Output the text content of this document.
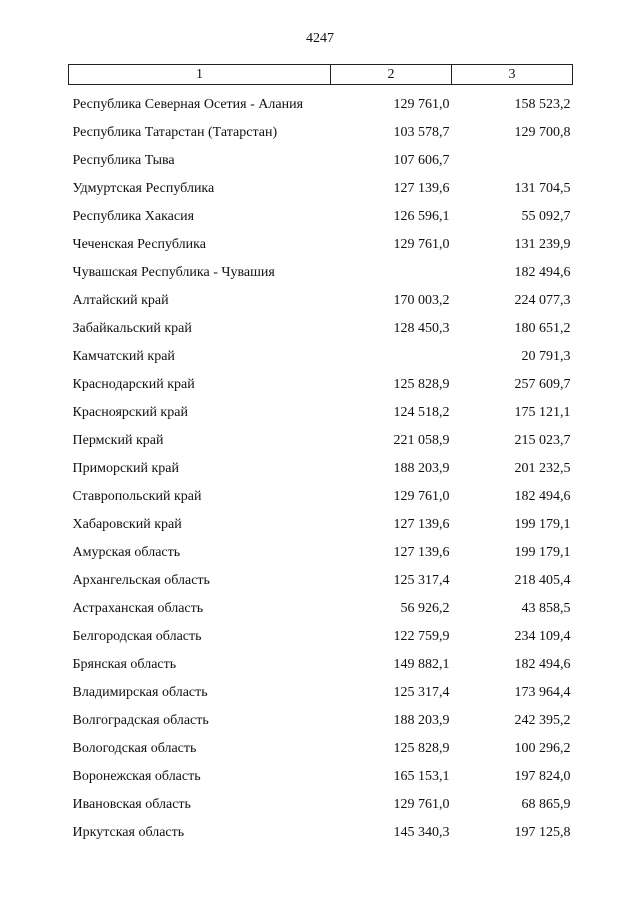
4247
1	2	3
Республика Северная Осетия - Алания	129 761,0	158 523,2
Республика Татарстан (Татарстан)	103 578,7	129 700,8
Республика Тыва	107 606,7	
Удмуртская Республика	127 139,6	131 704,5
Республика Хакасия	126 596,1	55 092,7
Чеченская Республика	129 761,0	131 239,9
Чувашская Республика - Чувашия		182 494,6
Алтайский край	170 003,2	224 077,3
Забайкальский край	128 450,3	180 651,2
Камчатский край		20 791,3
Краснодарский край	125 828,9	257 609,7
Красноярский край	124 518,2	175 121,1
Пермский край	221 058,9	215 023,7
Приморский край	188 203,9	201 232,5
Ставропольский край	129 761,0	182 494,6
Хабаровский край	127 139,6	199 179,1
Амурская область	127 139,6	199 179,1
Архангельская область	125 317,4	218 405,4
Астраханская область	56 926,2	43 858,5
Белгородская область	122 759,9	234 109,4
Брянская область	149 882,1	182 494,6
Владимирская область	125 317,4	173 964,4
Волгоградская область	188 203,9	242 395,2
Вологодская область	125 828,9	100 296,2
Воронежская область	165 153,1	197 824,0
Ивановская область	129 761,0	68 865,9
Иркутская область	145 340,3	197 125,8
